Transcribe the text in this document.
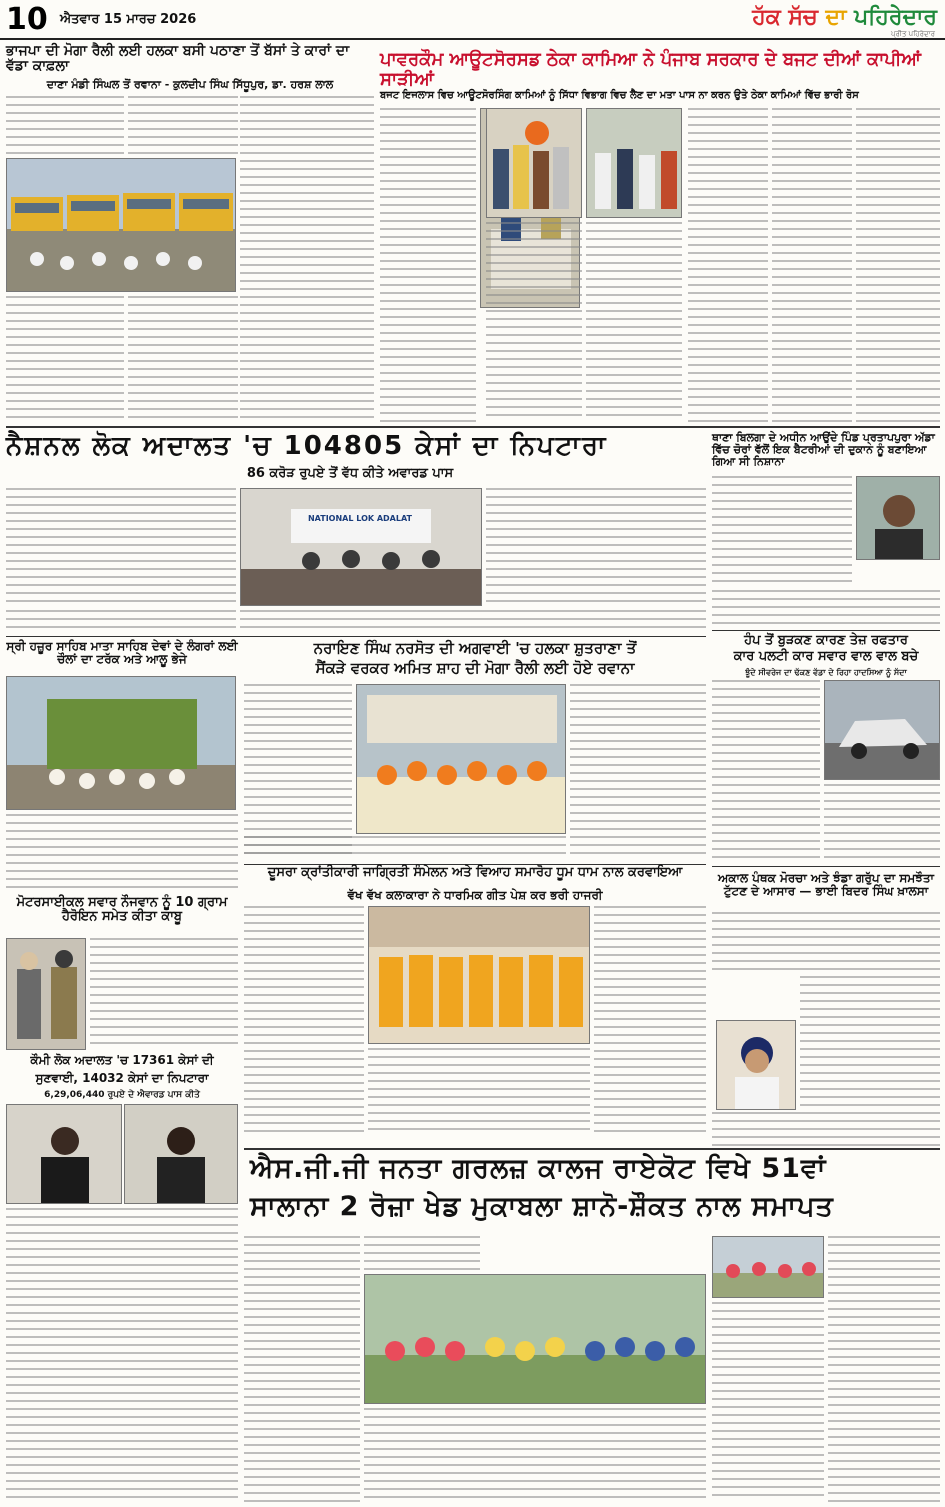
10 ਐਤਵਾਰ 15 ਮਾਰਚ 2026	ਹੱਕ ਸੱਚ ਦਾ ਪਹਿਰੇਦਾਰ
ਪ੍ਰੀਤ ਪਹਿਰੇਦਾਰ
ਭਾਜਪਾ ਦੀ ਮੋਗਾ ਰੈਲੀ ਲਈ ਹਲਕਾ ਬਸੀ ਪਠਾਣਾ ਤੋਂ ਬੱਸਾਂ ਤੇ ਕਾਰਾਂ ਦਾ ਵੱਡਾ ਕਾਫ਼ਲਾ
ਦਾਣਾ ਮੰਡੀ ਸਿੰਘਲ ਤੋਂ ਰਵਾਨਾ - ਕੁਲਦੀਪ ਸਿੰਘ ਸਿੱਧੂਪੁਰ, ਡਾ. ਹਰਸ਼ ਲਾਲ
ਪਾਵਰਕੌਮ ਆਊਟਸੋਰਸਡ ਠੇਕਾ ਕਾਮਿਆ ਨੇ ਪੰਜਾਬ ਸਰਕਾਰ ਦੇ ਬਜਟ ਦੀਆਂ ਕਾਪੀਆਂ ਸਾੜੀਆਂ
ਬਜਟ ਇਜਲਾਸ ਵਿਚ ਆਊਟਸੋਰਸਿੰਗ ਕਾਮਿਆਂ ਨੂੰ ਸਿੱਧਾ ਵਿਭਾਗ ਵਿਚ ਲੈਣ ਦਾ ਮਤਾ ਪਾਸ ਨਾ ਕਰਨ ਉਤੇ ਠੇਕਾ ਕਾਮਿਆਂ ਵਿੱਚ ਭਾਰੀ ਰੋਸ
ਨੈਸ਼ਨਲ ਲੋਕ ਅਦਾਲਤ 'ਚ 104805 ਕੇਸਾਂ ਦਾ ਨਿਪਟਾਰਾ
86 ਕਰੋੜ ਰੁਪਏ ਤੋਂ ਵੱਧ ਕੀਤੇ ਅਵਾਰਡ ਪਾਸ
NATIONAL LOK ADALAT
ਥਾਣਾ ਬਿਲਗਾ ਦੇ ਅਧੀਨ ਆਉਂਦੇ ਪਿੰਡ ਪ੍ਰਤਾਪਪੁਰਾ ਅੱਡਾ ਵਿੱਚ ਚੋਰਾਂ ਵੱਲੋਂ ਇਕ ਬੈਟਰੀਆਂ ਦੀ ਦੁਕਾਨ ਨੂੰ ਬਣਾਇਆ ਗਿਆ ਸੀ ਨਿਸ਼ਾਨਾ
ਹੰਪ ਤੋਂ ਬੁੜਕਣ ਕਾਰਣ ਤੇਜ਼ ਰਫਤਾਰ
ਕਾਰ ਪਲਟੀ ਕਾਰ ਸਵਾਰ ਵਾਲ ਵਾਲ ਬਚੇ
ਝੂੰਦੇ ਸੀਵਰੇਜ ਦਾ ਢੱਕਣ ਵੱਡਾ ਦੇ ਰਿਹਾ ਹਾਦਸਿਆ ਨੂੰ ਸੱਦਾ
ਅਕਾਲ ਪੰਥਕ ਮੋਰਚਾ ਅਤੇ ਝੰਡਾ ਗਰੁੱਪ ਦਾ ਸਮਝੌਤਾ ਟੁੱਟਣ ਦੇ ਆਸਾਰ — ਭਾਈ ਬਿਦਰ ਸਿੰਘ ਖ਼ਾਲਸਾ
ਸ੍ਰੀ ਹਜ਼ੂਰ ਸਾਹਿਬ ਮਾਤਾ ਸਾਹਿਬ ਦੇਵਾਂ ਦੇ ਲੰਗਰਾਂ ਲਈ ਚੌਲਾਂ ਦਾ ਟਰੱਕ ਅਤੇ ਆਲੂ ਭੇਜੇ
ਮੋਟਰਸਾਈਕਲ ਸਵਾਰ ਨੌਜਵਾਨ ਨੂੰ 10 ਗ੍ਰਾਮ ਹੈਰੋਇਨ ਸਮੇਤ ਕੀਤਾ ਕਾਬੂ
ਕੌਮੀ ਲੋਕ ਅਦਾਲਤ 'ਚ 17361 ਕੇਸਾਂ ਦੀ
ਸੁਣਵਾਈ, 14032 ਕੇਸਾਂ ਦਾ ਨਿਪਟਾਰਾ
6,29,06,440 ਰੁਪਏ ਦੇ ਐਵਾਰਡ ਪਾਸ ਕੀਤੇ
ਨਰਾਇਣ ਸਿੰਘ ਨਰਸੋਤ ਦੀ ਅਗਵਾਈ 'ਚ ਹਲਕਾ ਸ਼ੁਤਰਾਣਾ ਤੋਂ
ਸੈਂਕੜੇ ਵਰਕਰ ਅਮਿਤ ਸ਼ਾਹ ਦੀ ਮੋਗਾ ਰੈਲੀ ਲਈ ਹੋਏ ਰਵਾਨਾ
ਦੂਸਰਾ ਕ੍ਰਾਂਤੀਕਾਰੀ ਜਾਗ੍ਰਿਤੀ ਸੰਮੇਲਨ ਅਤੇ ਵਿਆਹ ਸਮਾਰੋਹ ਧੂਮ ਧਾਮ ਨਾਲ ਕਰਵਾਇਆ
ਵੱਖ ਵੱਖ ਕਲਾਕਾਰਾ ਨੇ ਧਾਰਮਿਕ ਗੀਤ ਪੇਸ਼ ਕਰ ਭਰੀ ਹਾਜਰੀ
ਐਸ.ਜੀ.ਜੀ ਜਨਤਾ ਗਰਲਜ਼ ਕਾਲਜ ਰਾਏਕੋਟ ਵਿਖੇ 51ਵਾਂ
ਸਾਲਾਨਾ 2 ਰੋਜ਼ਾ ਖੇਡ ਮੁਕਾਬਲਾ ਸ਼ਾਨੋ-ਸ਼ੌਕਤ ਨਾਲ ਸਮਾਪਤ
